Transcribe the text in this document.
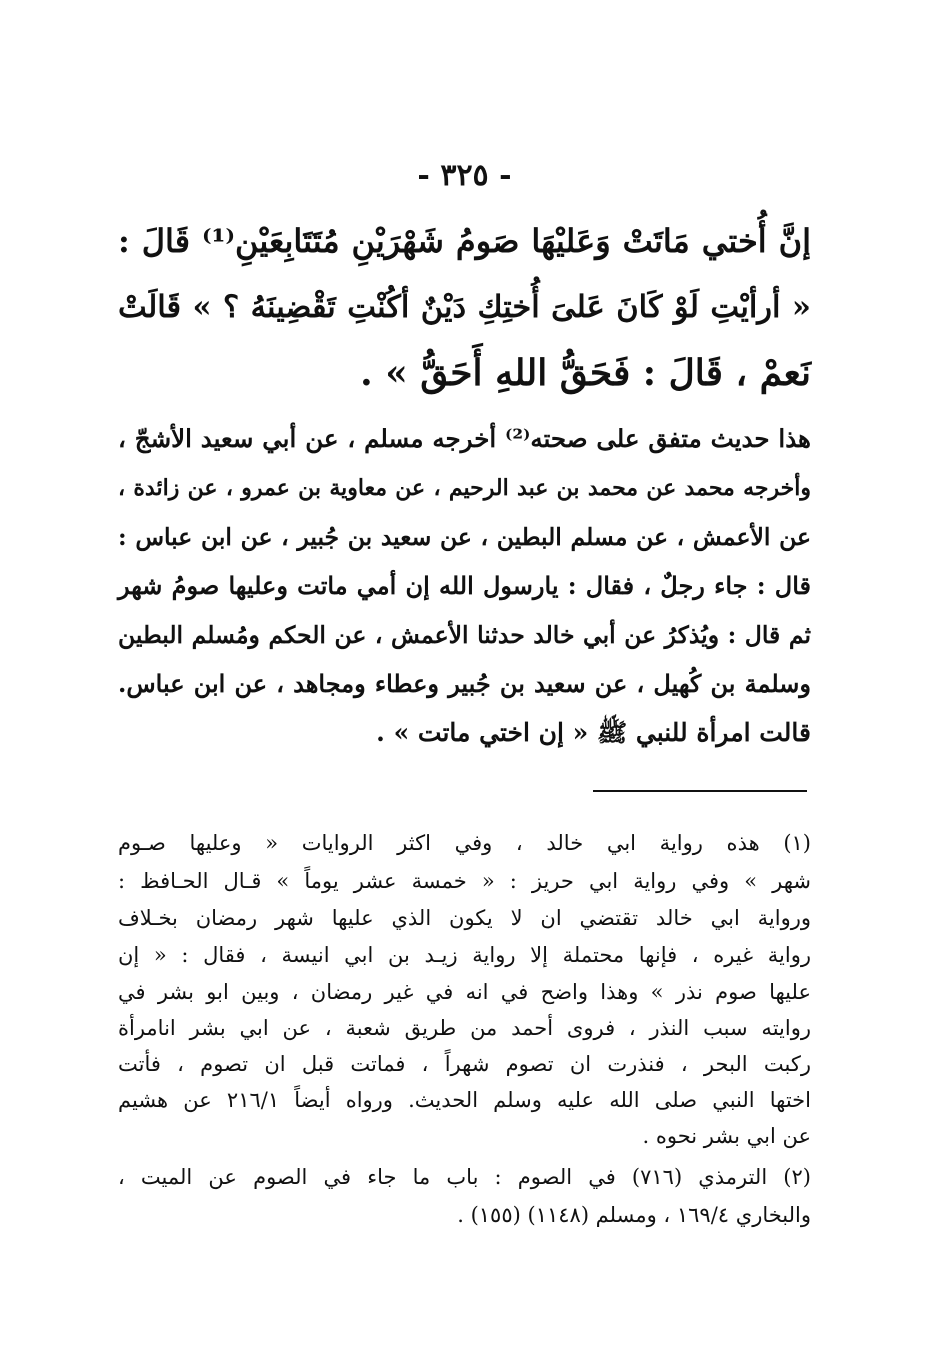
- ٣٢٥ -
إنَّ أُختي مَاتَتْ وَعَليْهَا صَومُ شَهْرَيْنِ مُتَتَابِعَيْنِ⁽¹⁾ قَالَ :
« أرأيْتِ لَوْ كَانَ عَلىَ أُختِكِ دَيْنٌ أكُنْتِ تَقْضِينَهُ ؟ » قَالَتْ
نَعمْ ، قَالَ : فَحَقُّ اللهِ أَحَقُّ » .
هذا حديث متفق على صحته⁽²⁾ أخرجه مسلم ، عن أبي سعيد الأشجّ ،
وأخرجه محمد عن محمد بن عبد الرحيم ، عن معاوية بن عمرو ، عن زائدة ،
عن الأعمش ، عن مسلم البطين ، عن سعيد بن جُبير ، عن ابن عباس :
قال : جاء رجلٌ ، فقال : يارسول الله إن أمي ماتت وعليها صومُ شهر
ثم قال : ويُذكرُ عن أبي خالد حدثنا الأعمش ، عن الحكم ومُسلم البطين
وسلمة بن كُهيل ، عن سعيد بن جُبير وعطاء ومجاهد ، عن ابن عباس.
قالت امرأة للنبي ﷺ « إن اختي ماتت » .
(١) هذه رواية ابي خالد ، وفي اكثر الروايات « وعليها صـوم
شهر » وفي رواية ابي حريز : « خمسة عشر يوماً » قـال الحـافظ :
ورواية ابي خالد تقتضي ان لا يكون الذي عليها شهر رمضان بخـلاف
رواية غيره ، فإنها محتملة إلا رواية زيـد بن ابي انيسة ، فقال : « إن
عليها صوم نذر » وهذا واضح في انه في غير رمضان ، وبين ابو بشر في
روايته سبب النذر ، فروى أحمد من طريق شعبة ، عن ابي بشر انامرأة
ركبت البحر ، فنذرت ان تصوم شهراً ، فماتت قبل ان تصوم ، فأتت
اختها النبي صلى الله عليه وسلم الحديث. ورواه أيضاً ٢١٦/١ عن هشيم
عن ابي بشر نحوه .
(٢) الترمذي (٧١٦) في الصوم : باب ما جاء في الصوم عن الميت ،
والبخاري ١٦٩/٤ ، ومسلم (١١٤٨) (١٥٥) .
